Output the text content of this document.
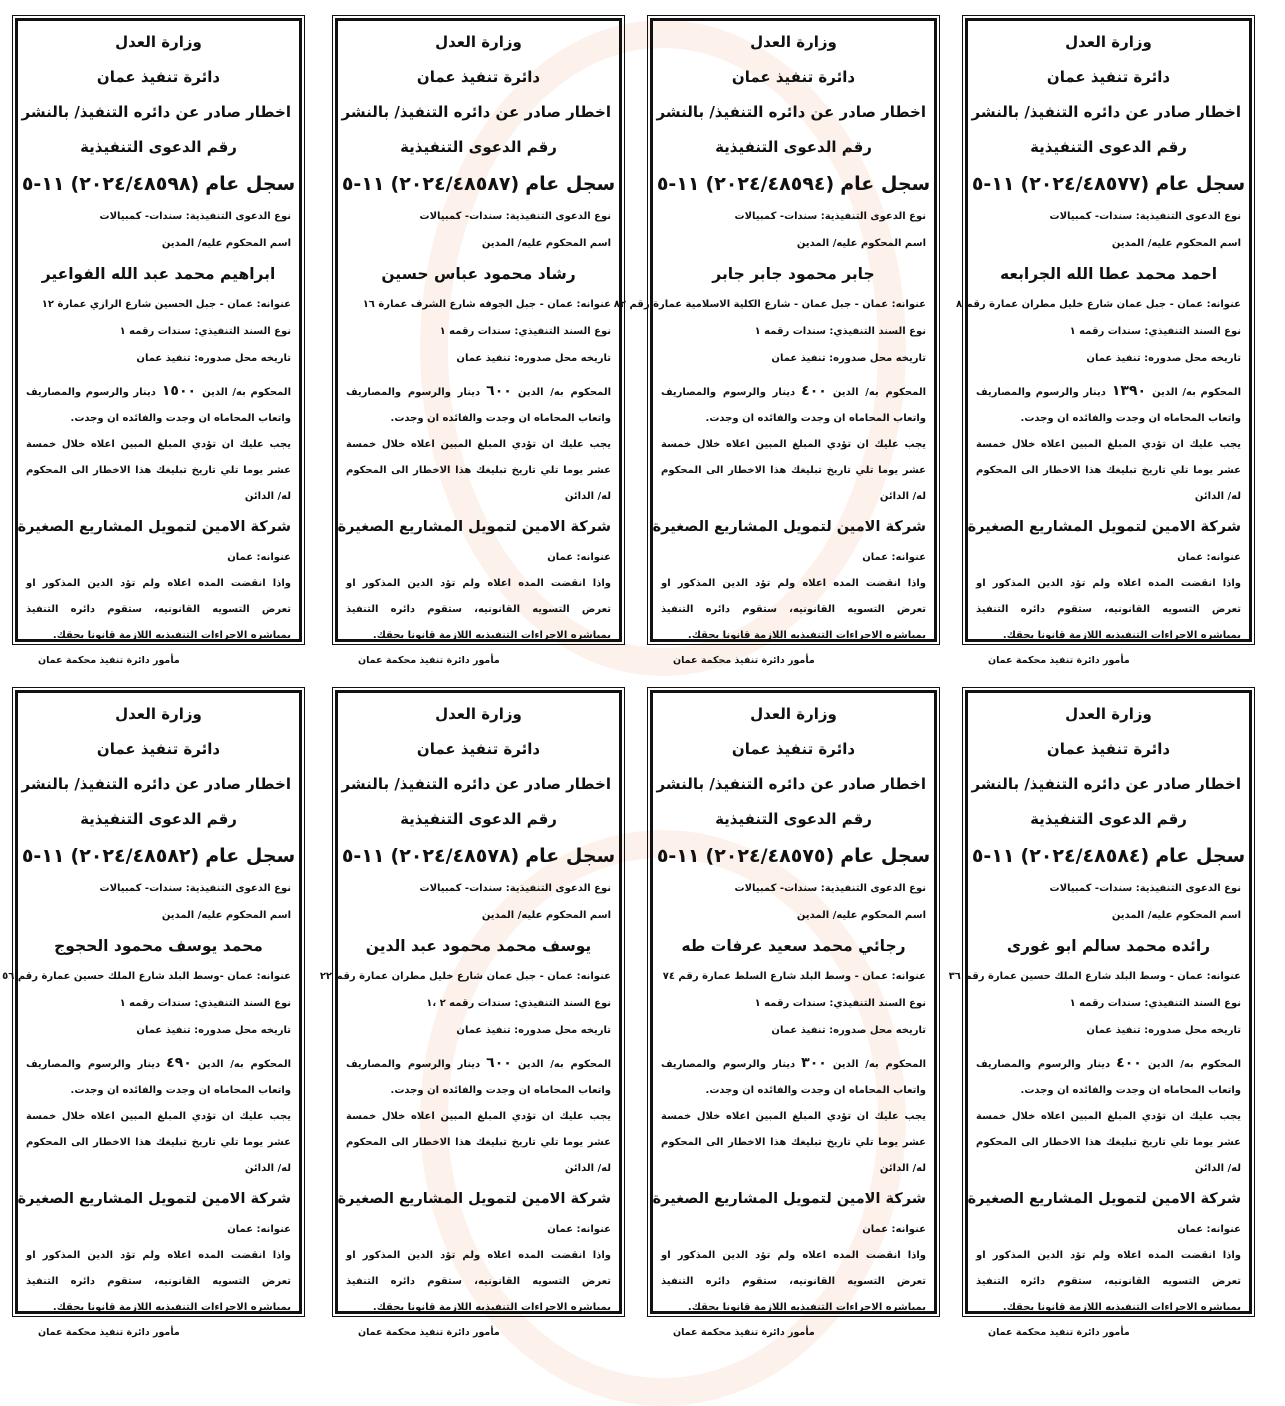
وزارة العدل
دائرة تنفيذ عمان
اخطار صادر عن دائره التنفيذ/ بالنشر
رقم الدعوى التنفيذية
١١-٥ (٢٠٢٤/٤٨٥٧٧) سجل عام
نوع الدعوى التنفيذية: سندات- كمبيالات
اسم المحكوم عليه/ المدين
احمد محمد عطا الله الجرابعه
عنوانه: عمان - جبل عمان شارع خليل مطران عمارة رقم ٨
نوع السند التنفيذي: سندات رقمه ١
تاريخه محل صدوره: تنفيذ عمان
المحكوم به/ الدين١٣٩٠دينار والرسوم والمصاريف واتعاب المحاماه ان وجدت والفائده ان وجدت.
يجب عليك ان تؤدي المبلغ المبين اعلاه خلال خمسة عشر يوما تلي تاريخ تبليغك هذا الاخطار الى المحكوم له/ الدائن
شركة الامين لتمويل المشاريع الصغيرة
عنوانه: عمان
واذا انقضت المده اعلاه ولم تؤد الدين المذكور او تعرض التسويه القانونيه، ستقوم دائره التنفيذ بمباشره الاجراءات التنفيذيه اللازمة قانونا بحقك.
مأمور دائرة تنفيذ محكمة عمان
وزارة العدل
دائرة تنفيذ عمان
اخطار صادر عن دائره التنفيذ/ بالنشر
رقم الدعوى التنفيذية
١١-٥ (٢٠٢٤/٤٨٥٩٤) سجل عام
نوع الدعوى التنفيذية: سندات- كمبيالات
اسم المحكوم عليه/ المدين
جابر محمود جابر جابر
عنوانه: عمان - جبل عمان - شارع الكلية الاسلامية عمارة رقم ٨٢
نوع السند التنفيذي: سندات رقمه ١
تاريخه محل صدوره: تنفيذ عمان
المحكوم به/ الدين٤٠٠دينار والرسوم والمصاريف واتعاب المحاماه ان وجدت والفائده ان وجدت.
يجب عليك ان تؤدي المبلغ المبين اعلاه خلال خمسة عشر يوما تلي تاريخ تبليغك هذا الاخطار الى المحكوم له/ الدائن
شركة الامين لتمويل المشاريع الصغيرة
عنوانه: عمان
واذا انقضت المده اعلاه ولم تؤد الدين المذكور او تعرض التسويه القانونيه، ستقوم دائره التنفيذ بمباشره الاجراءات التنفيذيه اللازمة قانونا بحقك.
مأمور دائرة تنفيذ محكمة عمان
وزارة العدل
دائرة تنفيذ عمان
اخطار صادر عن دائره التنفيذ/ بالنشر
رقم الدعوى التنفيذية
١١-٥ (٢٠٢٤/٤٨٥٨٧) سجل عام
نوع الدعوى التنفيذية: سندات- كمبيالات
اسم المحكوم عليه/ المدين
رشاد محمود عباس حسين
عنوانه: عمان - جبل الجوفه شارع الشرف عمارة ١٦
نوع السند التنفيذي: سندات رقمه ١
تاريخه محل صدوره: تنفيذ عمان
المحكوم به/ الدين٦٠٠دينار والرسوم والمصاريف واتعاب المحاماه ان وجدت والفائده ان وجدت.
يجب عليك ان تؤدي المبلغ المبين اعلاه خلال خمسة عشر يوما تلي تاريخ تبليغك هذا الاخطار الى المحكوم له/ الدائن
شركة الامين لتمويل المشاريع الصغيرة
عنوانه: عمان
واذا انقضت المده اعلاه ولم تؤد الدين المذكور او تعرض التسويه القانونيه، ستقوم دائره التنفيذ بمباشره الاجراءات التنفيذيه اللازمة قانونا بحقك.
مأمور دائرة تنفيذ محكمة عمان
وزارة العدل
دائرة تنفيذ عمان
اخطار صادر عن دائره التنفيذ/ بالنشر
رقم الدعوى التنفيذية
١١-٥ (٢٠٢٤/٤٨٥٩٨) سجل عام
نوع الدعوى التنفيذية: سندات- كمبيالات
اسم المحكوم عليه/ المدين
ابراهيم محمد عبد الله الفواعير
عنوانه: عمان - جبل الحسين شارع الرازي عمارة ١٢
نوع السند التنفيذي: سندات رقمه ١
تاريخه محل صدوره: تنفيذ عمان
المحكوم به/ الدين١٥٠٠دينار والرسوم والمصاريف واتعاب المحاماه ان وجدت والفائده ان وجدت.
يجب عليك ان تؤدي المبلغ المبين اعلاه خلال خمسة عشر يوما تلي تاريخ تبليغك هذا الاخطار الى المحكوم له/ الدائن
شركة الامين لتمويل المشاريع الصغيرة
عنوانه: عمان
واذا انقضت المده اعلاه ولم تؤد الدين المذكور او تعرض التسويه القانونيه، ستقوم دائره التنفيذ بمباشره الاجراءات التنفيذيه اللازمة قانونا بحقك.
مأمور دائرة تنفيذ محكمة عمان
وزارة العدل
دائرة تنفيذ عمان
اخطار صادر عن دائره التنفيذ/ بالنشر
رقم الدعوى التنفيذية
١١-٥ (٢٠٢٤/٤٨٥٨٤) سجل عام
نوع الدعوى التنفيذية: سندات- كمبيالات
اسم المحكوم عليه/ المدين
رائده محمد سالم ابو غورى
عنوانه: عمان - وسط البلد شارع الملك حسين عمارة رقم ٣٦
نوع السند التنفيذي: سندات رقمه ١
تاريخه محل صدوره: تنفيذ عمان
المحكوم به/ الدين٤٠٠دينار والرسوم والمصاريف واتعاب المحاماه ان وجدت والفائده ان وجدت.
يجب عليك ان تؤدي المبلغ المبين اعلاه خلال خمسة عشر يوما تلي تاريخ تبليغك هذا الاخطار الى المحكوم له/ الدائن
شركة الامين لتمويل المشاريع الصغيرة
عنوانه: عمان
واذا انقضت المده اعلاه ولم تؤد الدين المذكور او تعرض التسويه القانونيه، ستقوم دائره التنفيذ بمباشره الاجراءات التنفيذيه اللازمة قانونا بحقك.
مأمور دائرة تنفيذ محكمة عمان
وزارة العدل
دائرة تنفيذ عمان
اخطار صادر عن دائره التنفيذ/ بالنشر
رقم الدعوى التنفيذية
١١-٥ (٢٠٢٤/٤٨٥٧٥) سجل عام
نوع الدعوى التنفيذية: سندات- كمبيالات
اسم المحكوم عليه/ المدين
رجائي محمد سعيد عرفات طه
عنوانه: عمان - وسط البلد شارع السلط عمارة رقم ٧٤
نوع السند التنفيذي: سندات رقمه ١
تاريخه محل صدوره: تنفيذ عمان
المحكوم به/ الدين٣٠٠دينار والرسوم والمصاريف واتعاب المحاماه ان وجدت والفائده ان وجدت.
يجب عليك ان تؤدي المبلغ المبين اعلاه خلال خمسة عشر يوما تلي تاريخ تبليغك هذا الاخطار الى المحكوم له/ الدائن
شركة الامين لتمويل المشاريع الصغيرة
عنوانه: عمان
واذا انقضت المده اعلاه ولم تؤد الدين المذكور او تعرض التسويه القانونيه، ستقوم دائره التنفيذ بمباشره الاجراءات التنفيذيه اللازمة قانونا بحقك.
مأمور دائرة تنفيذ محكمة عمان
وزارة العدل
دائرة تنفيذ عمان
اخطار صادر عن دائره التنفيذ/ بالنشر
رقم الدعوى التنفيذية
١١-٥ (٢٠٢٤/٤٨٥٧٨) سجل عام
نوع الدعوى التنفيذية: سندات- كمبيالات
اسم المحكوم عليه/ المدين
يوسف محمد محمود عبد الدين
عنوانه: عمان - جبل عمان شارع خليل مطران عمارة رقم ٢٢
نوع السند التنفيذي: سندات رقمه ٢ ،١
تاريخه محل صدوره: تنفيذ عمان
المحكوم به/ الدين٦٠٠دينار والرسوم والمصاريف واتعاب المحاماه ان وجدت والفائده ان وجدت.
يجب عليك ان تؤدي المبلغ المبين اعلاه خلال خمسة عشر يوما تلي تاريخ تبليغك هذا الاخطار الى المحكوم له/ الدائن
شركة الامين لتمويل المشاريع الصغيرة
عنوانه: عمان
واذا انقضت المده اعلاه ولم تؤد الدين المذكور او تعرض التسويه القانونيه، ستقوم دائره التنفيذ بمباشره الاجراءات التنفيذيه اللازمة قانونا بحقك.
مأمور دائرة تنفيذ محكمة عمان
وزارة العدل
دائرة تنفيذ عمان
اخطار صادر عن دائره التنفيذ/ بالنشر
رقم الدعوى التنفيذية
١١-٥ (٢٠٢٤/٤٨٥٨٢) سجل عام
نوع الدعوى التنفيذية: سندات- كمبيالات
اسم المحكوم عليه/ المدين
محمد يوسف محمود الحجوج
عنوانه: عمان -وسط البلد شارع الملك حسين عمارة رقم ٥٦
نوع السند التنفيذي: سندات رقمه ١
تاريخه محل صدوره: تنفيذ عمان
المحكوم به/ الدين٤٩٠دينار والرسوم والمصاريف واتعاب المحاماه ان وجدت والفائده ان وجدت.
يجب عليك ان تؤدي المبلغ المبين اعلاه خلال خمسة عشر يوما تلي تاريخ تبليغك هذا الاخطار الى المحكوم له/ الدائن
شركة الامين لتمويل المشاريع الصغيرة
عنوانه: عمان
واذا انقضت المده اعلاه ولم تؤد الدين المذكور او تعرض التسويه القانونيه، ستقوم دائره التنفيذ بمباشره الاجراءات التنفيذيه اللازمة قانونا بحقك.
مأمور دائرة تنفيذ محكمة عمان
